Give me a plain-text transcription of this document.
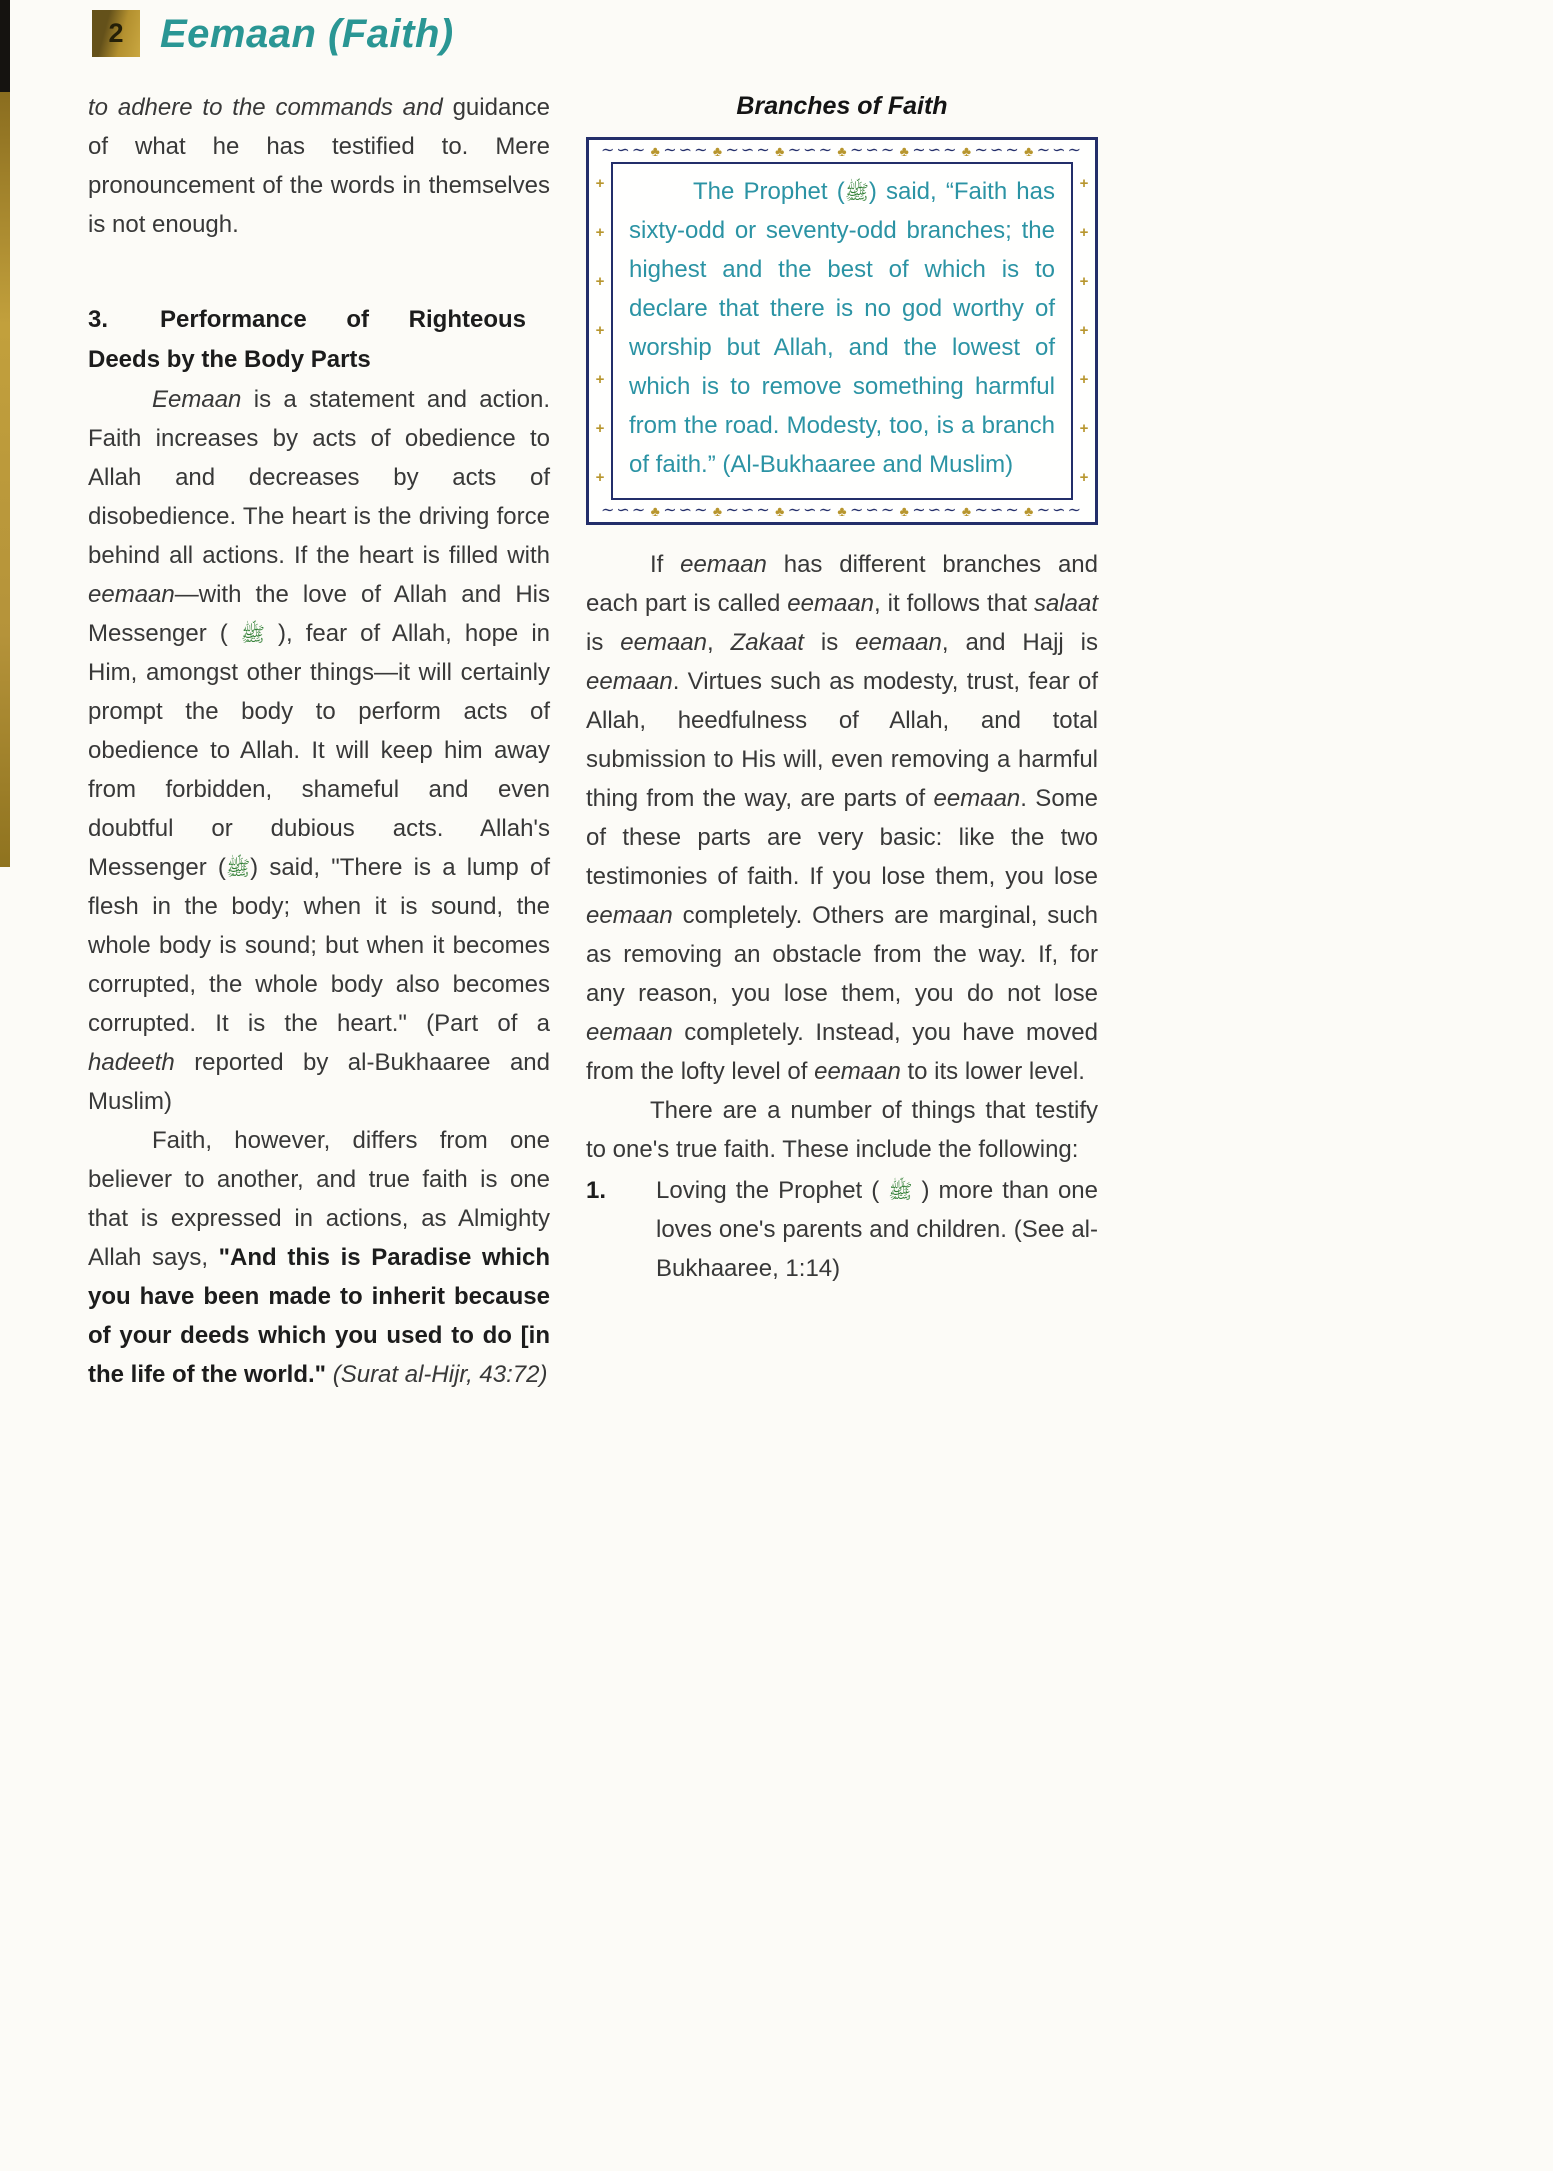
2 Eemaan (Faith)

to adhere to the commands and guidance of what he has testified to. Mere pronouncement of the words in themselves is not enough.

3. Performance of Righteous Deeds by the Body Parts

Eemaan is a statement and action. Faith increases by acts of obedience to Allah and decreases by acts of disobedience. The heart is the driving force behind all actions. If the heart is filled with eemaan—with the love of Allah and His Messenger ( ﷺ ), fear of Allah, hope in Him, amongst other things—it will certainly prompt the body to perform acts of obedience to Allah. It will keep him away from forbidden, shameful and even doubtful or dubious acts. Allah's Messenger (ﷺ) said, "There is a lump of flesh in the body; when it is sound, the whole body is sound; but when it becomes corrupted, the whole body also becomes corrupted. It is the heart." (Part of a hadeeth reported by al-Bukhaaree and Muslim)

Faith, however, differs from one believer to another, and true faith is one that is expressed in actions, as Almighty Allah says, "And this is Paradise which you have been made to inherit because of your deeds which you used to do [in the life of the world." (Surat al-Hijr, 43:72)

Branches of Faith
∼∽∼ ♣ ∼∽∼ ♣ ∼∽∼ ♣ ∼∽∼ ♣ ∼∽∼ ♣ ∼∽∼ ♣ ∼∽∼ ♣ ∼∽∼
+
+
+
+
+
+
+
+
+
+
+
+
+
+

The Prophet (ﷺ) said, “Faith has sixty-odd or seventy-odd branches; the highest and the best of which is to declare that there is no god worthy of worship but Allah, and the lowest of which is to remove something harmful from the road. Modesty, too, is a branch of faith.” (Al-Bukhaaree and Muslim)

∼∽∼ ♣ ∼∽∼ ♣ ∼∽∼ ♣ ∼∽∼ ♣ ∼∽∼ ♣ ∼∽∼ ♣ ∼∽∼ ♣ ∼∽∼

If eemaan has different branches and each part is called eemaan, it follows that salaat is eemaan, Zakaat is eemaan, and Hajj is eemaan. Virtues such as modesty, trust, fear of Allah, heedfulness of Allah, and total submission to His will, even removing a harmful thing from the way, are parts of eemaan. Some of these parts are very basic: like the two testimonies of faith. If you lose them, you lose eemaan completely. Others are marginal, such as removing an obstacle from the way. If, for any reason, you lose them, you do not lose eemaan completely. Instead, you have moved from the lofty level of eemaan to its lower level.

There are a number of things that testify to one's true faith. These include the following:

1.	Loving the Prophet ( ﷺ ) more than one loves one's parents and children. (See al-Bukhaaree, 1:14)
